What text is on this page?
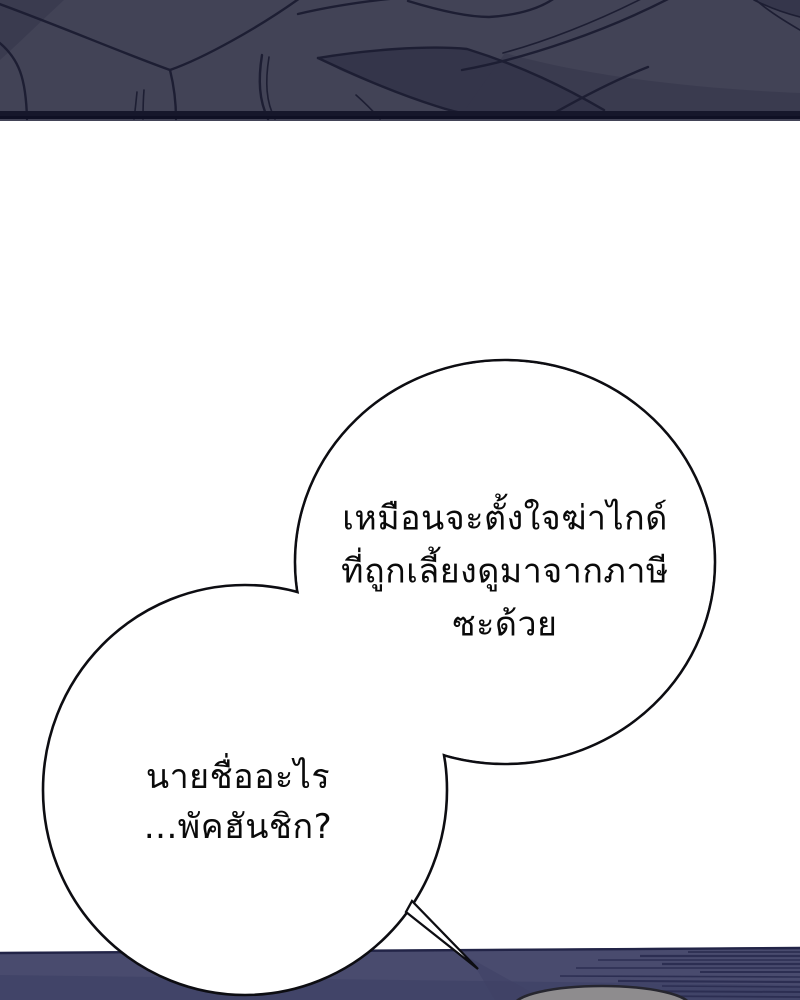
เหมือนจะตั้งใจฆ่าไกด์
ที่ถูกเลี้ยงดูมาจากภาษี
ซะด้วย
นายชื่ออะไร
...พัคฮันชิก?
